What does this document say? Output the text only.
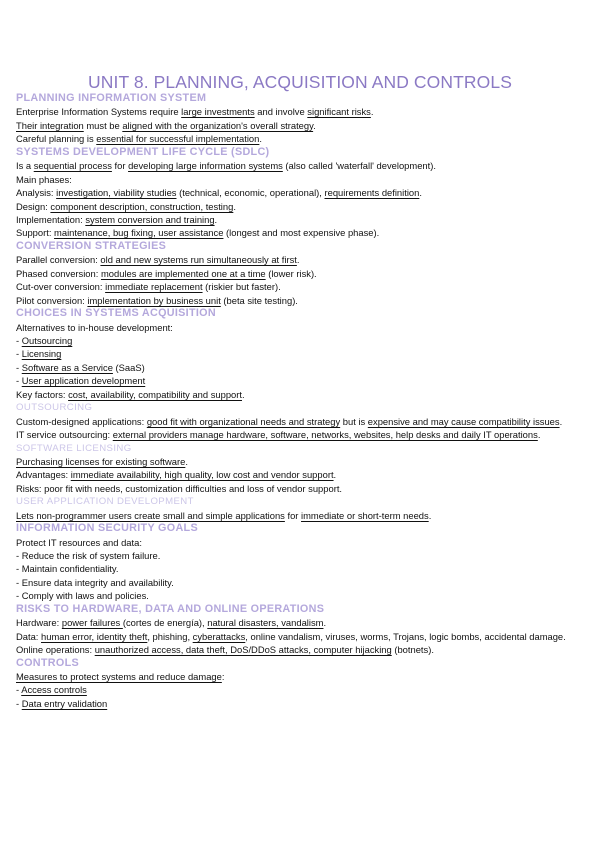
UNIT 8. PLANNING, ACQUISITION AND CONTROLS
PLANNING INFORMATION SYSTEM

Enterprise Information Systems require large investments and involve significant risks.

Their integration must be aligned with the organization's overall strategy.

Careful planning is essential for successful implementation.

SYSTEMS DEVELOPMENT LIFE CYCLE (SDLC)

Is a sequential process for developing large information systems (also called 'waterfall' development).

Main phases:

Analysis: investigation, viability studies (technical, economic, operational), requirements definition.

Design: component description, construction, testing.

Implementation: system conversion and training.

Support: maintenance, bug fixing, user assistance (longest and most expensive phase).

CONVERSION STRATEGIES

Parallel conversion: old and new systems run simultaneously at first.

Phased conversion: modules are implemented one at a time (lower risk).

Cut-over conversion: immediate replacement (riskier but faster).

Pilot conversion: implementation by business unit (beta site testing).

CHOICES IN SYSTEMS ACQUISITION

Alternatives to in-house development:

- Outsourcing

- Licensing

- Software as a Service (SaaS)

- User application development

Key factors: cost, availability, compatibility and support.

OUTSOURCING

Custom-designed applications: good fit with organizational needs and strategy but is expensive and may cause compatibility issues.

IT service outsourcing: external providers manage hardware, software, networks, websites, help desks and daily IT operations.

SOFTWARE LICENSING

Purchasing licenses for existing software.

Advantages: immediate availability, high quality, low cost and vendor support.

Risks: poor fit with needs, customization difficulties and loss of vendor support.

USER APPLICATION DEVELOPMENT

Lets non-programmer users create small and simple applications for immediate or short-term needs.

INFORMATION SECURITY GOALS

Protect IT resources and data:

- Reduce the risk of system failure.

- Maintain confidentiality.

- Ensure data integrity and availability.

- Comply with laws and policies.

RISKS TO HARDWARE, DATA AND ONLINE OPERATIONS

Hardware: power failures (cortes de energía), natural disasters, vandalism.

Data: human error, identity theft, phishing, cyberattacks, online vandalism, viruses, worms, Trojans, logic bombs, accidental damage.

Online operations: unauthorized access, data theft, DoS/DDoS attacks, computer hijacking (botnets).

CONTROLS

Measures to protect systems and reduce damage:

- Access controls

- Data entry validation
